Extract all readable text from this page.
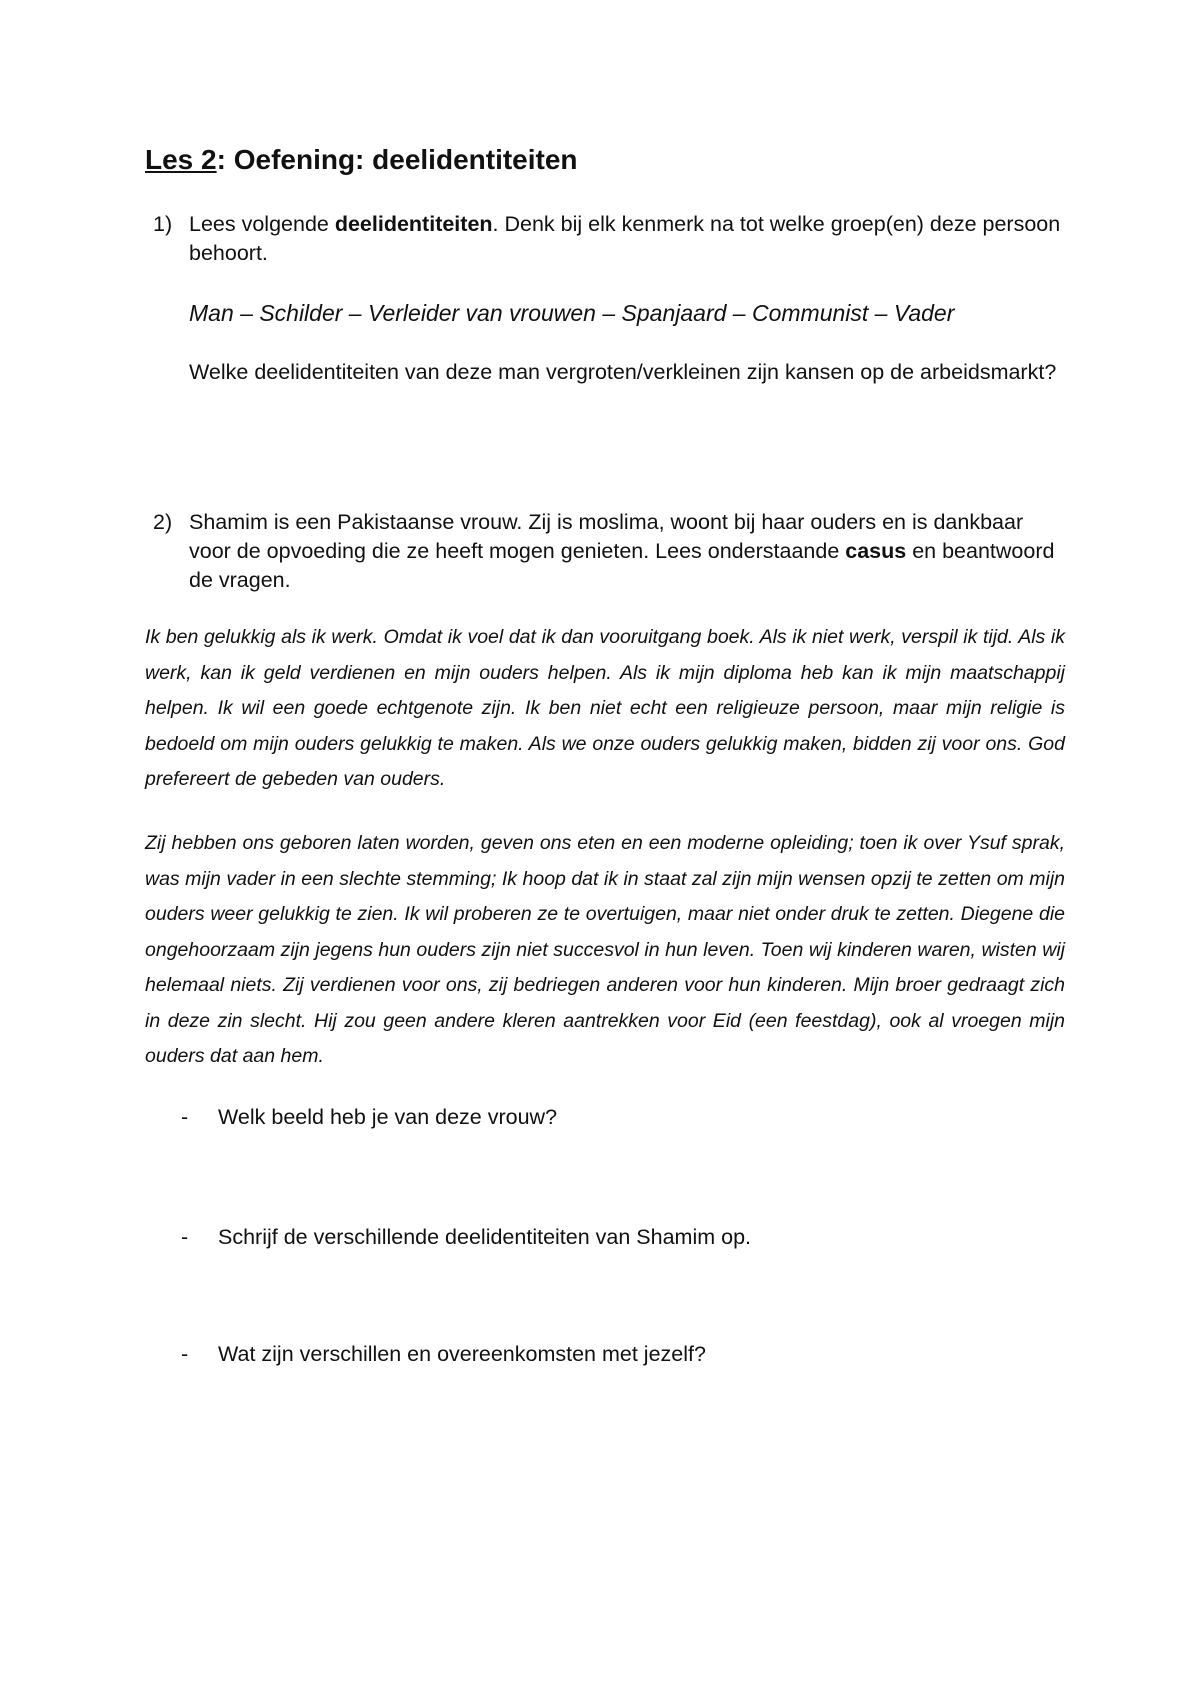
Les 2: Oefening: deelidentiteiten
1) Lees volgende deelidentiteiten. Denk bij elk kenmerk na tot welke groep(en) deze persoon behoort.

Man – Schilder – Verleider van vrouwen – Spanjaard – Communist – Vader

Welke deelidentiteiten van deze man vergroten/verkleinen zijn kansen op de arbeidsmarkt?

2) Shamim is een Pakistaanse vrouw. Zij is moslima, woont bij haar ouders en is dankbaar voor de opvoeding die ze heeft mogen genieten. Lees onderstaande casus en beantwoord de vragen.

Ik ben gelukkig als ik werk. Omdat ik voel dat ik dan vooruitgang boek. Als ik niet werk, verspil ik tijd. Als ik werk, kan ik geld verdienen en mijn ouders helpen. Als ik mijn diploma heb kan ik mijn maatschappij helpen. Ik wil een goede echtgenote zijn. Ik ben niet echt een religieuze persoon, maar mijn religie is bedoeld om mijn ouders gelukkig te maken. Als we onze ouders gelukkig maken, bidden zij voor ons. God prefereert de gebeden van ouders.

Zij hebben ons geboren laten worden, geven ons eten en een moderne opleiding; toen ik over Ysuf sprak, was mijn vader in een slechte stemming; Ik hoop dat ik in staat zal zijn mijn wensen opzij te zetten om mijn ouders weer gelukkig te zien. Ik wil proberen ze te overtuigen, maar niet onder druk te zetten. Diegene die ongehoorzaam zijn jegens hun ouders zijn niet succesvol in hun leven. Toen wij kinderen waren, wisten wij helemaal niets. Zij verdienen voor ons, zij bedriegen anderen voor hun kinderen. Mijn broer gedraagt zich in deze zin slecht. Hij zou geen andere kleren aantrekken voor Eid (een feestdag), ook al vroegen mijn ouders dat aan hem.

- Welk beeld heb je van deze vrouw?
- Schrijf de verschillende deelidentiteiten van Shamim op.
- Wat zijn verschillen en overeenkomsten met jezelf?
